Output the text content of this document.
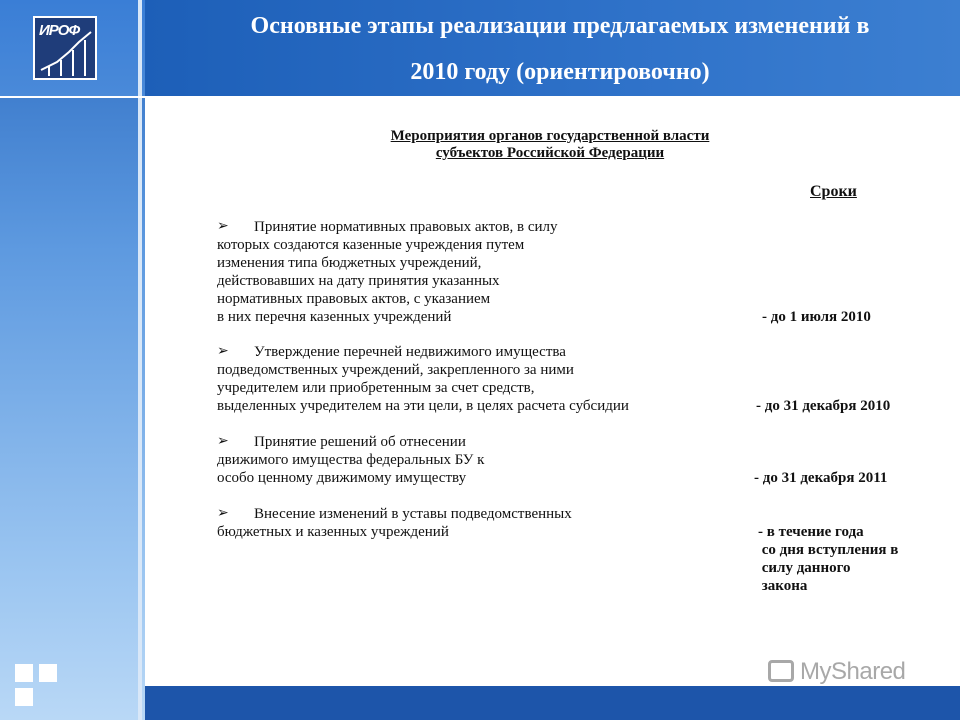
ИРОФ	Основные этапы реализации предлагаемых изменений в
2010 году (ориентировочно)
Мероприятия органов государственной власти
субъектов Российской Федерации
Сроки
➢	Принятие нормативных правовых актов, в силу
которых создаются казенные учреждения путем
изменения типа бюджетных учреждений,
действовавших на дату принятия указанных
нормативных правовых актов, с указанием
в них перечня казенных учреждений	- до 1 июля 2010
➢	Утверждение перечней недвижимого имущества
подведомственных учреждений, закрепленного за ними
учредителем или приобретенным за счет средств,
выделенных учредителем на эти цели, в целях расчета субсидии	- до 31 декабря 2010
➢	Принятие решений об отнесении
движимого имущества федеральных БУ к
особо ценному движимому имуществу	- до 31 декабря 2011
➢	Внесение изменений в уставы подведомственных
бюджетных и казенных учреждений	- в течение года
со дня вступления в
силу данного
закона
MyShared
